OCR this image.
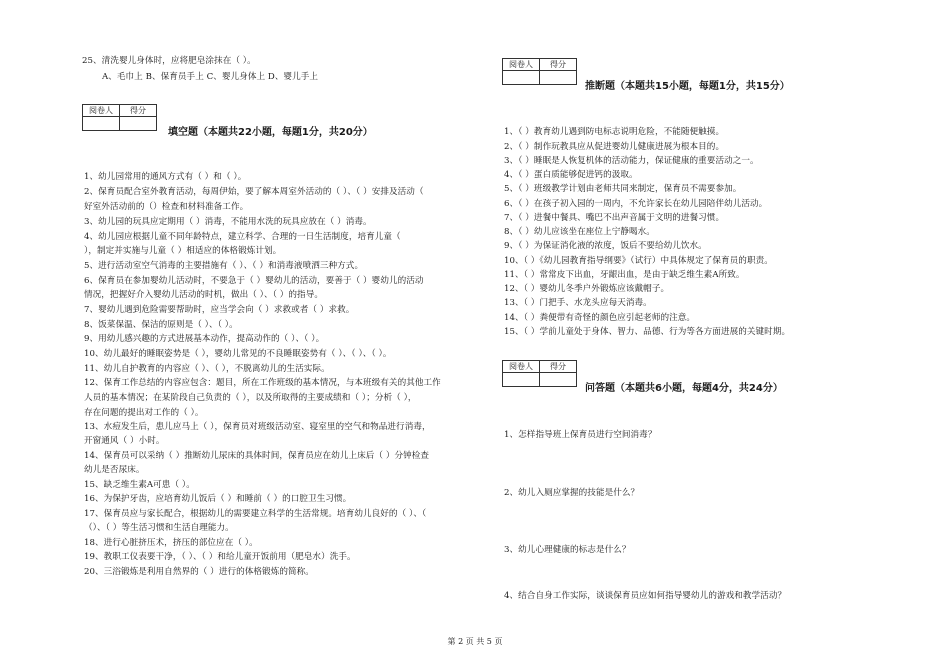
25、清洗婴儿身体时，应将肥皂涂抹在（ ）。
A、毛巾上 B、保育员手上 C、婴儿身体上 D、婴儿手上
阅卷人	得分

填空题（本题共22小题，每题1分，共20分）
1、幼儿园常用的通风方式有（ ）和（ ）。
2、保育员配合室外教育活动，每周伊始，要了解本周室外活动的（ ）、（ ）安排及活动（
好室外活动前的（）检查和材料准备工作。
3、幼儿园的玩具应定期用（ ）消毒，不能用水洗的玩具应放在（ ）消毒。
4、幼儿园应根据儿童不同年龄特点，建立科学、合理的一日生活制度，培育儿童（
），制定并实施与儿童（ ）相适应的体格锻炼计划。
5、进行活动室空气消毒的主要措施有（ ）、（ ）和消毒液喷洒三种方式。
6、保育员在参加婴幼儿活动时，不要急于（ ）婴幼儿的活动，要善于（ ）婴幼儿的活动
情况，把握好介入婴幼儿活动的时机，做出（ ）、（ ）的指导。
7、婴幼儿遇到危险需要帮助时，应当学会向（ ）求救或者（ ）求救。
8、饭菜保温、保洁的原则是（ ）、（ ）。
9、用幼儿感兴趣的方式进展基本动作，提高动作的（ ）、（ ）。
10、幼儿最好的睡眠姿势是（ ），婴幼儿常见的不良睡眠姿势有（ ）、（ ）、（ ）。
11、幼儿自护教育的内容应（ ）、（ ），不脱离幼儿的生活实际。
12、保育工作总结的内容应包含：题目，所在工作班级的基本情况，与本班级有关的其他工作
人员的基本情况；在某阶段自己负责的（ ），以及所取得的主要成绩和（ ）；分析（ ），
存在问题的提出对工作的（ ）。
13、水痘发生后，患儿应马上（ ），保育员对班级活动室、寝室里的空气和物品进行消毒，
开窗通风（ ）小时。
14、保育员可以采纳（ ）推断幼儿尿床的具体时间，保育员应在幼儿上床后（ ）分钟检查
幼儿是否尿床。
15、缺乏维生素A可患（ ）。
16、为保护牙齿，应培育幼儿饭后（ ）和睡前（ ）的口腔卫生习惯。
17、保育员应与家长配合，根据幼儿的需要建立科学的生活常规。培育幼儿良好的（ ）、（
（）、（ ）等生活习惯和生活自理能力。
18、进行心脏挤压术，挤压的部位应在（ ）。
19、教职工仪表要干净，（ ）、（ ）和给儿童开饭前用（肥皂水）洗手。
20、三浴锻炼是利用自然界的（ ）进行的体格锻炼的简称。
阅卷人	得分

推断题（本题共15小题，每题1分，共15分）
1、（ ）教育幼儿遇到防电标志说明危险，不能随便触摸。
2、（ ）制作玩教具应从促进婴幼儿健康进展为根本目的。
3、（ ）睡眠是人恢复机体的活动能力，保证健康的重要活动之一。
4、（ ）蛋白质能够促进钙的汲取。
5、（ ）班级教学计划由老师共同来制定，保育员不需要参加。
6、（ ）在孩子初入园的一周内，不允许家长在幼儿园陪伴幼儿活动。
7、（ ）进餐中餐具、嘴巴不出声音属于文明的进餐习惯。
8、（ ）幼儿应该坐在座位上宁静喝水。
9、（ ）为保证消化液的浓度，饭后不要给幼儿饮水。
10、（ ）《幼儿园教育指导纲要》（试行）中具体规定了保育员的职责。
11、（ ）常常皮下出血，牙龈出血，是由于缺乏维生素A所致。
12、（ ）婴幼儿冬季户外锻炼应该戴帽子。
13、（ ）门把手、水龙头应每天消毒。
14、（ ）粪便带有奇怪的颜色应引起老师的注意。
15、（ ）学前儿童处于身体、智力、品德、行为等各方面进展的关键时期。
阅卷人	得分

问答题（本题共6小题，每题4分，共24分）
1、怎样指导班上保育员进行空间消毒？
2、幼儿入厕应掌握的技能是什么？
3、幼儿心理健康的标志是什么？
4、结合自身工作实际，谈谈保育员应如何指导婴幼儿的游戏和教学活动？
第 2 页 共 5 页
